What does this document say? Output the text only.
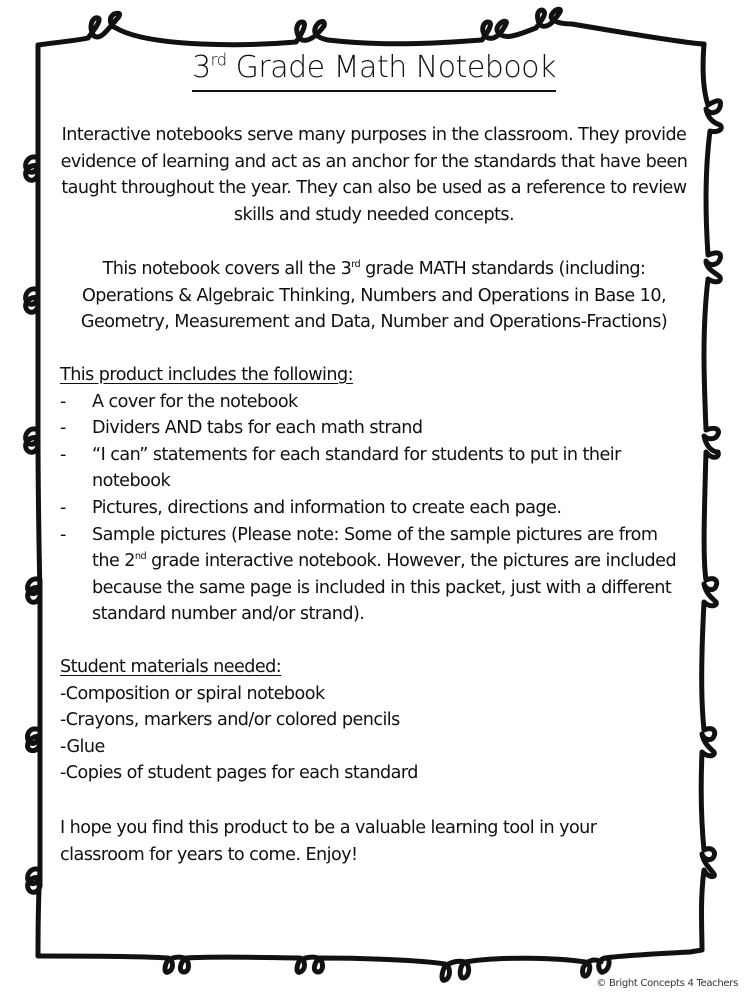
3rd Grade Math Notebook

Interactive notebooks serve many purposes in the classroom. They provide evidence of learning and act as an anchor for the standards that have been taught throughout the year. They can also be used as a reference to review skills and study needed concepts.

This notebook covers all the 3rd grade MATH standards (including: Operations & Algebraic Thinking, Numbers and Operations in Base 10, Geometry, Measurement and Data, Number and Operations-Fractions)

This product includes the following:
-	A cover for the notebook
-	Dividers AND tabs for each math strand
-	“I can” statements for each standard for students to put in their notebook
-	Pictures, directions and information to create each page.
-	Sample pictures (Please note: Some of the sample pictures are from the 2nd grade interactive notebook. However, the pictures are included because the same page is included in this packet, just with a different standard number and/or strand).
Student materials needed:
-Composition or spiral notebook
-Crayons, markers and/or colored pencils
-Glue
-Copies of student pages for each standard

I hope you find this product to be a valuable learning tool in your classroom for years to come. Enjoy!

© Bright Concepts 4 Teachers
